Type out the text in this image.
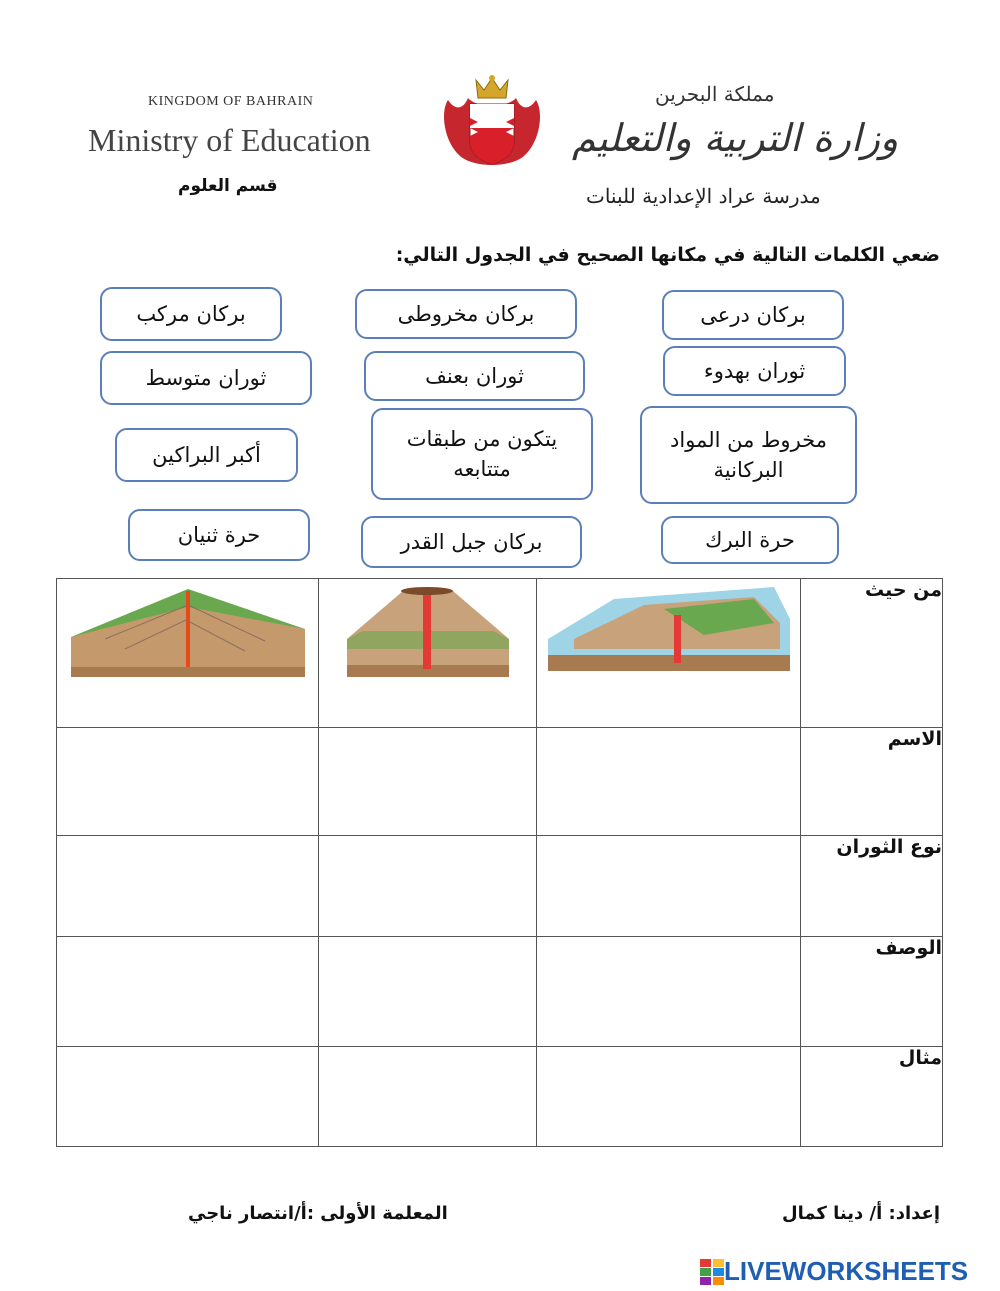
KINGDOM OF BAHRAIN
Ministry of Education
قسم العلوم
مملكة البحرين
وزارة التربية والتعليم
مدرسة عراد الإعدادية للبنات
ضعي الكلمات التالية في مكانها الصحيح في الجدول التالي:
بركان مركب	بركان مخروطى	بركان درعى
ثوران متوسط	ثوران بعنف	ثوران بهدوء
أكبر البراكين
يتكون من طبقات متتابعه
مخروط من المواد البركانية
حرة ثنيان	بركان جبل القدر	حرة البرك
			من حيث
			الاسم
			نوع الثوران
			الوصف
			مثال
إعداد: أ/ دينا كمال
المعلمة الأولى :أ/انتصار ناجي
LIVEWORKSHEETS
